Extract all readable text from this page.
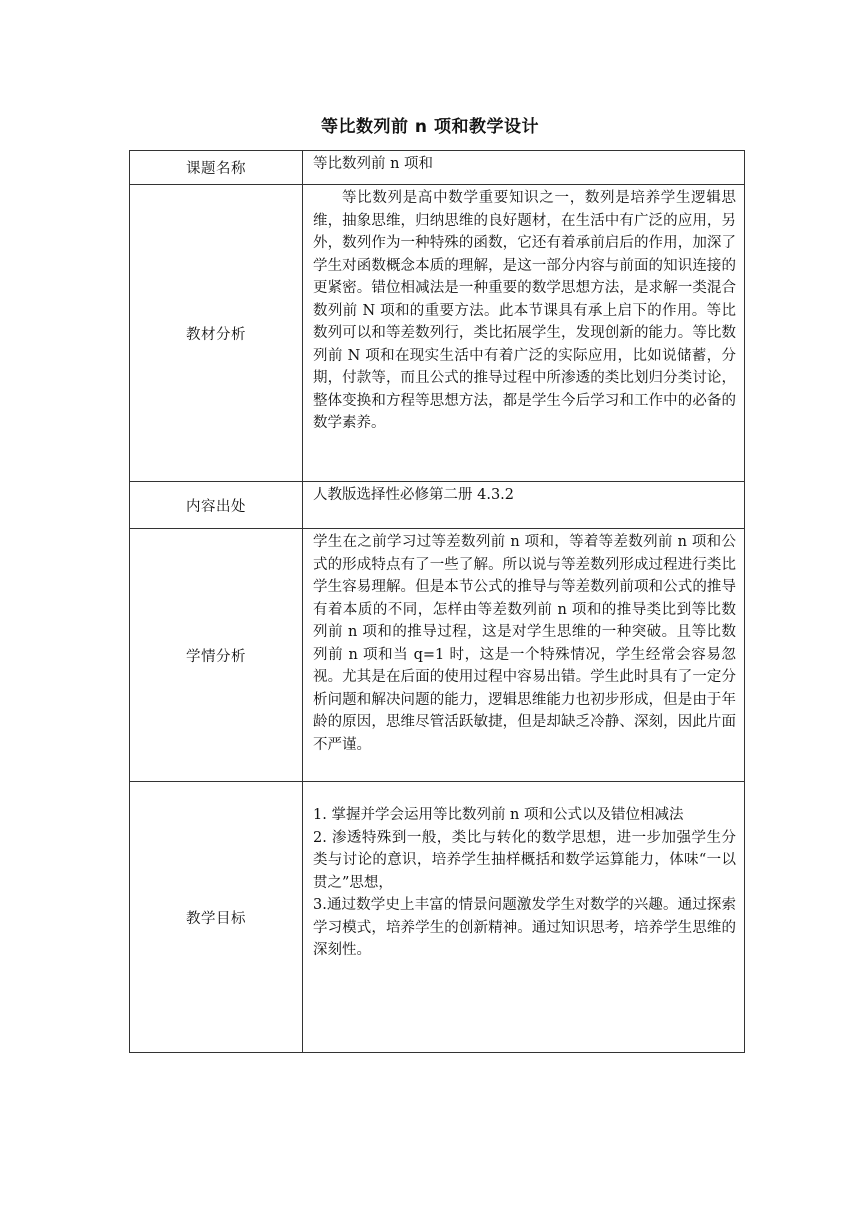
等比数列前 n 项和教学设计
课题名称	等比数列前 n 项和
教材分析	等比数列是高中数学重要知识之一，数列是培养学生逻辑思维，抽象思维，归纳思维的良好题材，在生活中有广泛的应用，另外，数列作为一种特殊的函数，它还有着承前启后的作用，加深了学生对函数概念本质的理解，是这一部分内容与前面的知识连接的更紧密。错位相减法是一种重要的数学思想方法，是求解一类混合数列前 N 项和的重要方法。此本节课具有承上启下的作用。等比数列可以和等差数列行，类比拓展学生，发现创新的能力。等比数列前 N 项和在现实生活中有着广泛的实际应用，比如说储蓄，分期，付款等，而且公式的推导过程中所渗透的类比划归分类讨论，整体变换和方程等思想方法，都是学生今后学习和工作中的必备的数学素养。
内容出处	人教版选择性必修第二册 4.3.2
学情分析	学生在之前学习过等差数列前 n 项和，等着等差数列前 n 项和公式的形成特点有了一些了解。所以说与等差数列形成过程进行类比学生容易理解。但是本节公式的推导与等差数列前项和公式的推导有着本质的不同，怎样由等差数列前 n 项和的推导类比到等比数列前 n 项和的推导过程，这是对学生思维的一种突破。且等比数列前 n 项和当 q=1 时，这是一个特殊情况，学生经常会容易忽视。尤其是在后面的使用过程中容易出错。学生此时具有了一定分析问题和解决问题的能力，逻辑思维能力也初步形成，但是由于年龄的原因，思维尽管活跃敏捷，但是却缺乏冷静、深刻，因此片面不严谨。
教学目标	1. 掌握并学会运用等比数列前 n 项和公式以及错位相减法

2. 渗透特殊到一般，类比与转化的数学思想，进一步加强学生分类与讨论的意识，培养学生抽样概括和数学运算能力，体味“一以贯之”思想，

3.通过数学史上丰富的情景问题激发学生对数学的兴趣。通过探索学习模式，培养学生的创新精神。通过知识思考，培养学生思维的深刻性。
